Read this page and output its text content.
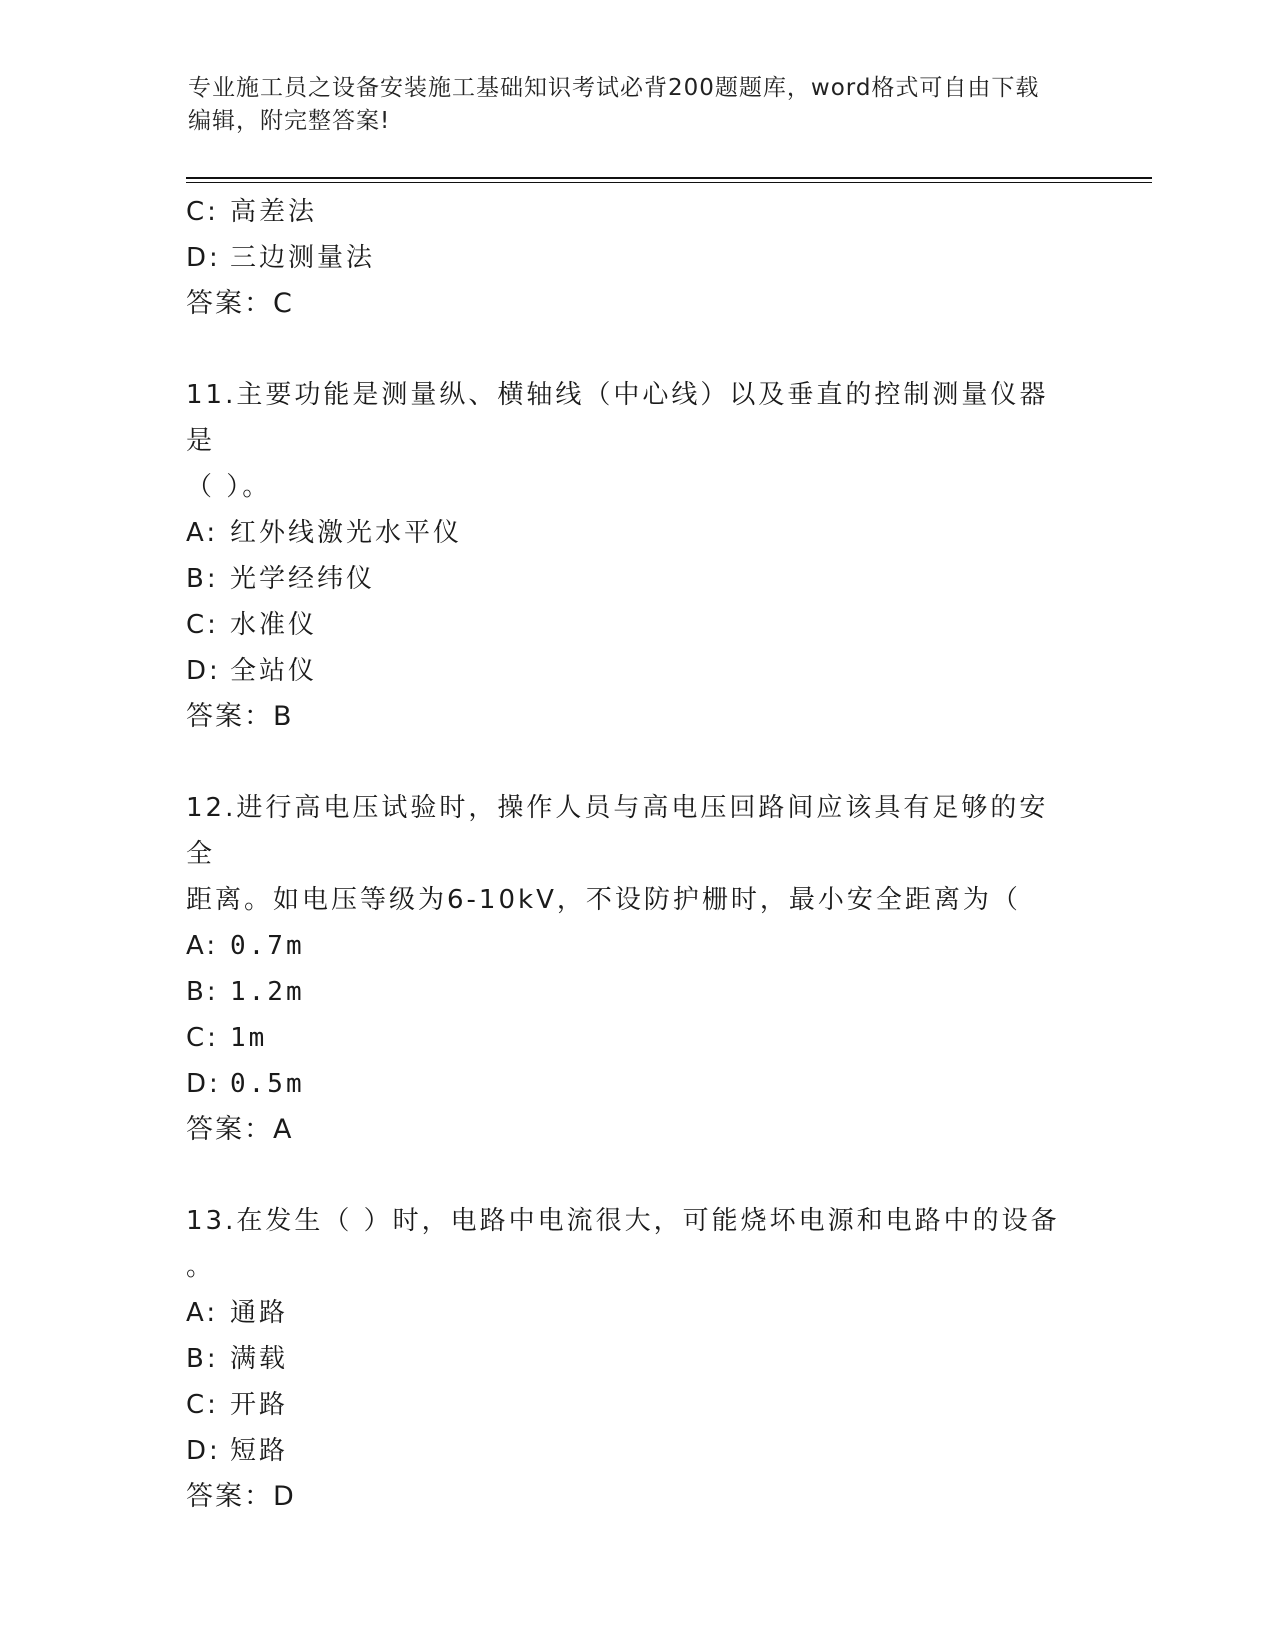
专业施工员之设备安装施工基础知识考试必背200题题库，word格式可自由下载
编辑，附完整答案!
C: 高差法
D: 三边测量法
答案：C
11.主要功能是测量纵、横轴线（中心线）以及垂直的控制测量仪器是
（ ）。
A: 红外线激光水平仪
B: 光学经纬仪
C: 水准仪
D: 全站仪
答案：B
12.进行高电压试验时，操作人员与高电压回路间应该具有足够的安全
距离。如电压等级为6-10kV，不设防护栅时，最小安全距离为（
A: 0.7m
B: 1.2m
C: 1m
D: 0.5m
答案：A
13.在发生（ ）时，电路中电流很大，可能烧坏电源和电路中的设备
。
A: 通路
B: 满载
C: 开路
D: 短路
答案：D
